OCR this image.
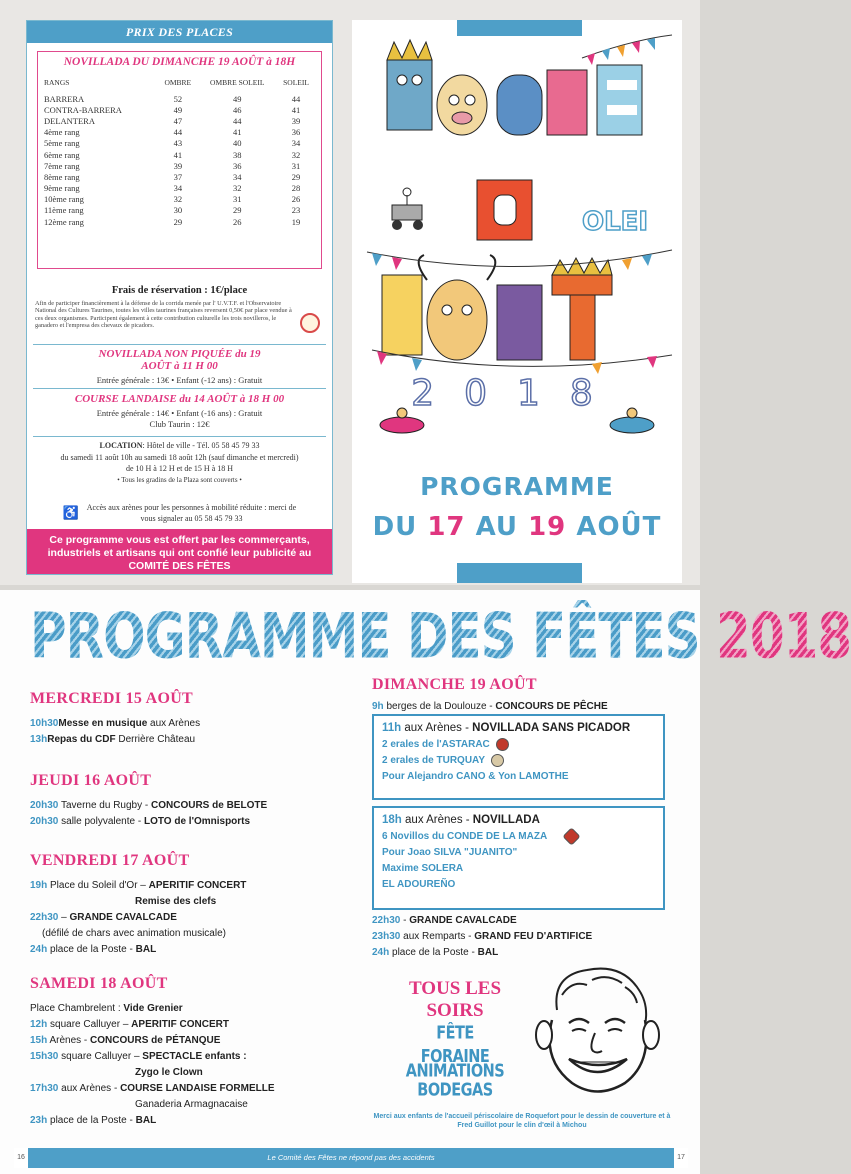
PRIX DES PLACES
NOVILLADA DU DIMANCHE 19 AOÛT à 18H
RANGS	OMBRE	OMBRE SOLEIL	SOLEIL
BARRERA	52	49	44
CONTRA-BARRERA	49	46	41
DELANTERA	47	44	39
4ème rang	44	41	36
5ème rang	43	40	34
6ème rang	41	38	32
7ème rang	39	36	31
8ème rang	37	34	29
9ème rang	34	32	28
10ème rang	32	31	26
11ème rang	30	29	23
12ème rang	29	26	19
Frais de réservation : 1€/place
Afin de participer financièrement à la défense de la corrida menée par l' U.V.T.F. et l'Observatoire National des Cultures Taurines, toutes les villes taurines françaises reversent 0,50€ par place vendue à ces deux organismes. Participent également à cette contribution culturelle les trois novilleros, le ganadero et l'empresa des chevaux de picadors.
NOVILLADA NON PIQUÉE du 19 AOÛT à 11 H 00
Entrée générale : 13€ • Enfant (-12 ans) : Gratuit
COURSE LANDAISE du 14 AOÛT à 18 H 00
Entrée générale : 14€ • Enfant (-16 ans) : Gratuit
Club Taurin : 12€
LOCATION: Hôtel de ville - Tél. 05 58 45 79 33
du samedi 11 août 10h au samedi 18 août 12h (sauf dimanche et mercredi)
de 10 H à 12 H et de 15 H à 18 H
• Tous les gradins de la Plaza sont couverts •
♿ Accès aux arènes pour les personnes à mobilité réduite : merci de vous signaler au 05 58 45 79 33
Ce programme vous est offert par les commerçants, industriels et artisans qui ont confié leur publicité au COMITÉ DES FÊTES
OLEI
2018
PROGRAMME
DU 17 AU 19 AOÛT
PROGRAMME DES FÊTES 2018
MERCREDI 15 AOÛT
10h30Messe en musique aux Arènes
13hRepas du CDF Derrière Château
JEUDI 16 AOÛT
20h30 Taverne du Rugby - CONCOURS de BELOTE
20h30 salle polyvalente - LOTO de l'Omnisports
VENDREDI 17 AOÛT
19h Place du Soleil d'Or – APERITIF CONCERT
Remise des clefs
22h30 – GRANDE CAVALCADE
(défilé de chars avec animation musicale)
24h place de la Poste - BAL
SAMEDI 18 AOÛT
Place Chambrelent : Vide Grenier
12h square Calluyer – APERITIF CONCERT
15h Arènes - CONCOURS de PÉTANQUE
15h30 square Calluyer – SPECTACLE enfants :
Zygo le Clown
17h30 aux Arènes - COURSE LANDAISE FORMELLE
Ganaderia Armagnacaise
23h place de la Poste - BAL
DIMANCHE 19 AOÛT
9h berges de la Doulouze - CONCOURS DE PÊCHE
11h aux Arènes - NOVILLADA SANS PICADOR
2 erales de l'ASTARAC
2 erales de TURQUAY
Pour Alejandro CANO & Yon LAMOTHE
18h aux Arènes - NOVILLADA
6 Novillos du CONDE DE LA MAZA
Pour Joao SILVA "JUANITO"
Maxime SOLERA
EL ADOUREÑO
22h30 - GRANDE CAVALCADE
23h30 aux Remparts - GRAND FEU D'ARTIFICE
24h place de la Poste - BAL
TOUS LES SOIRS
FÊTE FORAINE
ANIMATIONS
BODEGAS
Merci aux enfants de l'accueil périscolaire de Roquefort pour le dessin de couverture et à Fred Guillot pour le clin d'œil à Michou
Le Comité des Fêtes ne répond pas des accidents
16	17
